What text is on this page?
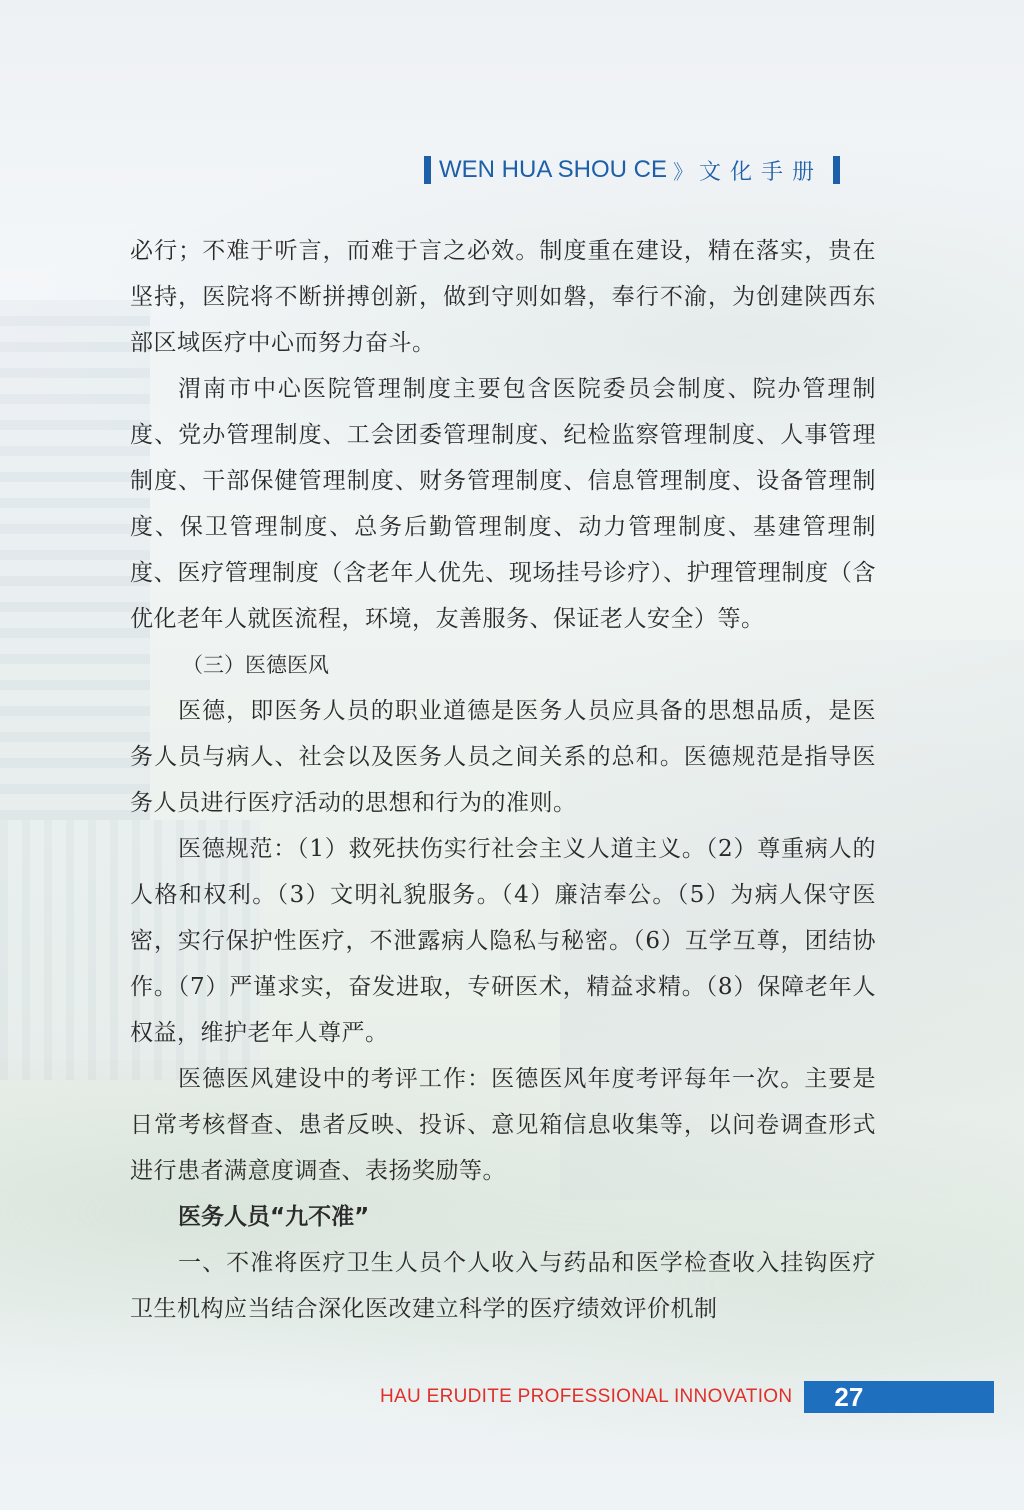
WEN HUA SHOU CE 》 文化手册

必行；不难于听言，而难于言之必效。制度重在建设，精在落实，贵在坚持，医院将不断拼搏创新，做到守则如磐，奉行不渝，为创建陕西东部区域医疗中心而努力奋斗。

渭南市中心医院管理制度主要包含医院委员会制度、院办管理制度、党办管理制度、工会团委管理制度、纪检监察管理制度、人事管理制度、干部保健管理制度、财务管理制度、信息管理制度、设备管理制度、保卫管理制度、总务后勤管理制度、动力管理制度、基建管理制度、医疗管理制度（含老年人优先、现场挂号诊疗）、护理管理制度（含优化老年人就医流程，环境，友善服务、保证老人安全）等。

（三）医德医风

医德，即医务人员的职业道德是医务人员应具备的思想品质，是医务人员与病人、社会以及医务人员之间关系的总和。医德规范是指导医务人员进行医疗活动的思想和行为的准则。

医德规范：（1）救死扶伤实行社会主义人道主义。（2）尊重病人的人格和权利。（3）文明礼貌服务。（4）廉洁奉公。（5）为病人保守医密，实行保护性医疗，不泄露病人隐私与秘密。（6）互学互尊，团结协作。（7）严谨求实，奋发进取，专研医术，精益求精。（8）保障老年人权益，维护老年人尊严。

医德医风建设中的考评工作：医德医风年度考评每年一次。主要是日常考核督查、患者反映、投诉、意见箱信息收集等，以问卷调查形式进行患者满意度调查、表扬奖励等。

医务人员“九不准”

一、不准将医疗卫生人员个人收入与药品和医学检查收入挂钩医疗卫生机构应当结合深化医改建立科学的医疗绩效评价机制

HAU ERUDITE PROFESSIONAL INNOVATION 27
